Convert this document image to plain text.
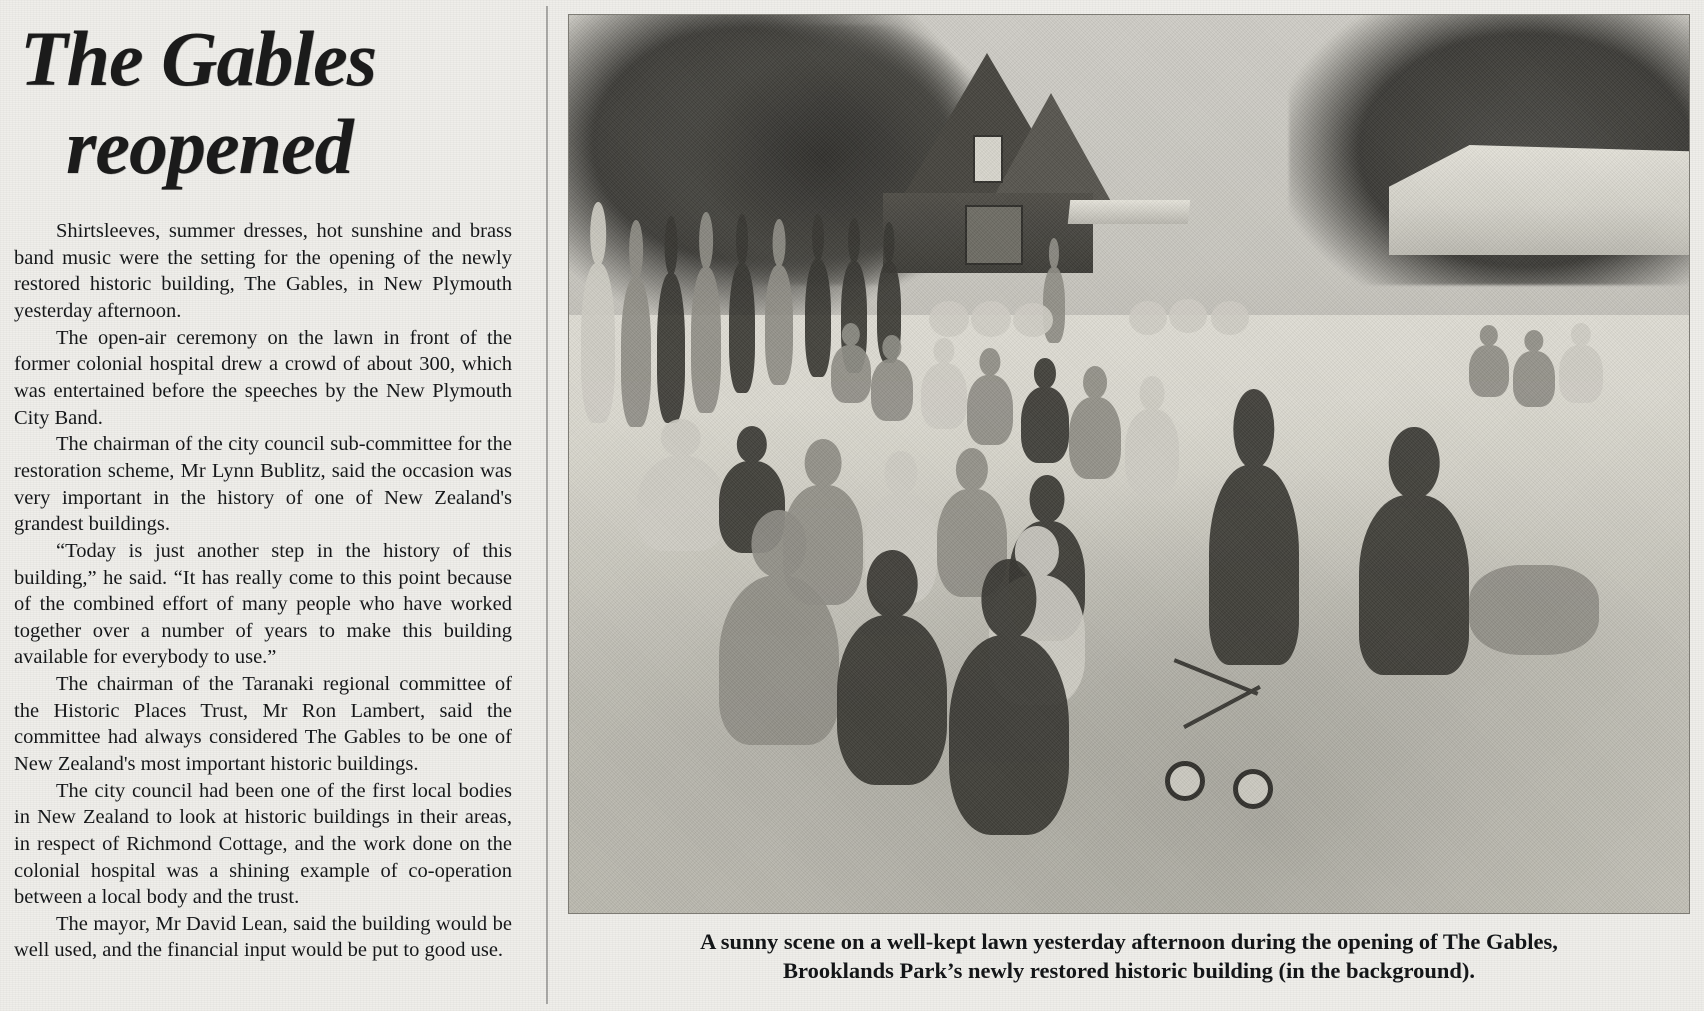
The Gables
reopened

Shirtsleeves, summer dresses, hot sunshine and brass band music were the setting for the opening of the newly restored historic building, The Gables, in New Plymouth yesterday afternoon.

The open-air ceremony on the lawn in front of the former colonial hospital drew a crowd of about 300, which was entertained before the speeches by the New Plymouth City Band.

The chairman of the city council sub-committee for the restoration scheme, Mr Lynn Bublitz, said the occasion was very important in the history of one of New Zealand's grandest buildings.

“Today is just another step in the history of this building,” he said. “It has really come to this point because of the combined effort of many people who have worked together over a number of years to make this building available for everybody to use.”

The chairman of the Taranaki regional committee of the Historic Places Trust, Mr Ron Lambert, said the committee had always considered The Gables to be one of New Zealand's most important historic buildings.

The city council had been one of the first local bodies in New Zealand to look at historic buildings in their areas, in respect of Richmond Cottage, and the work done on the colonial hospital was a shining example of co-operation between a local body and the trust.

The mayor, Mr David Lean, said the building would be well used, and the financial input would be put to good use.	A sunny scene on a well-kept lawn yesterday afternoon during the opening of The Gables,
Brooklands Park’s newly restored historic building (in the background).
